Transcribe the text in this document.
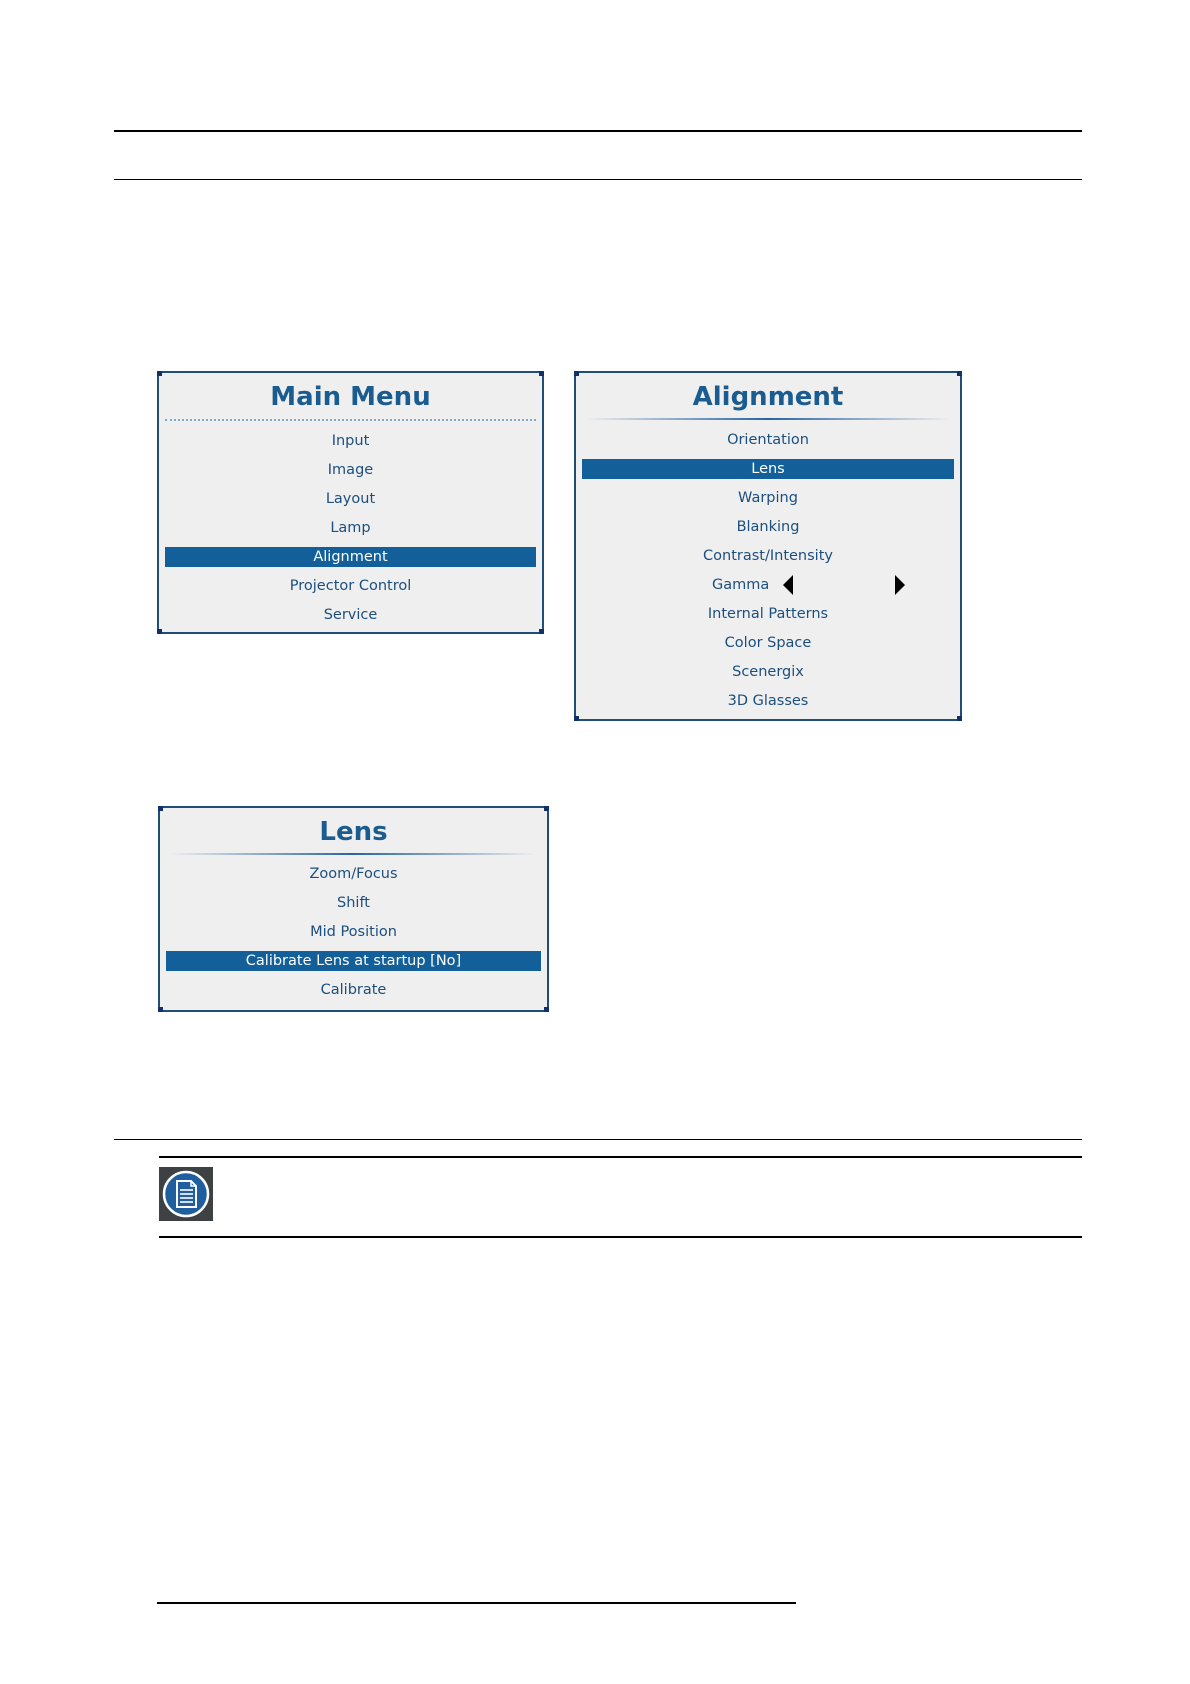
Main Menu
Input
Image
Layout
Lamp
Alignment
Projector Control
Service
Alignment
Orientation
Lens
Warping
Blanking
Contrast/Intensity
Gamma
Internal Patterns
Color Space
Scenergix
3D Glasses
Lens
Zoom/Focus
Shift
Mid Position
Calibrate Lens at startup [No]
Calibrate
